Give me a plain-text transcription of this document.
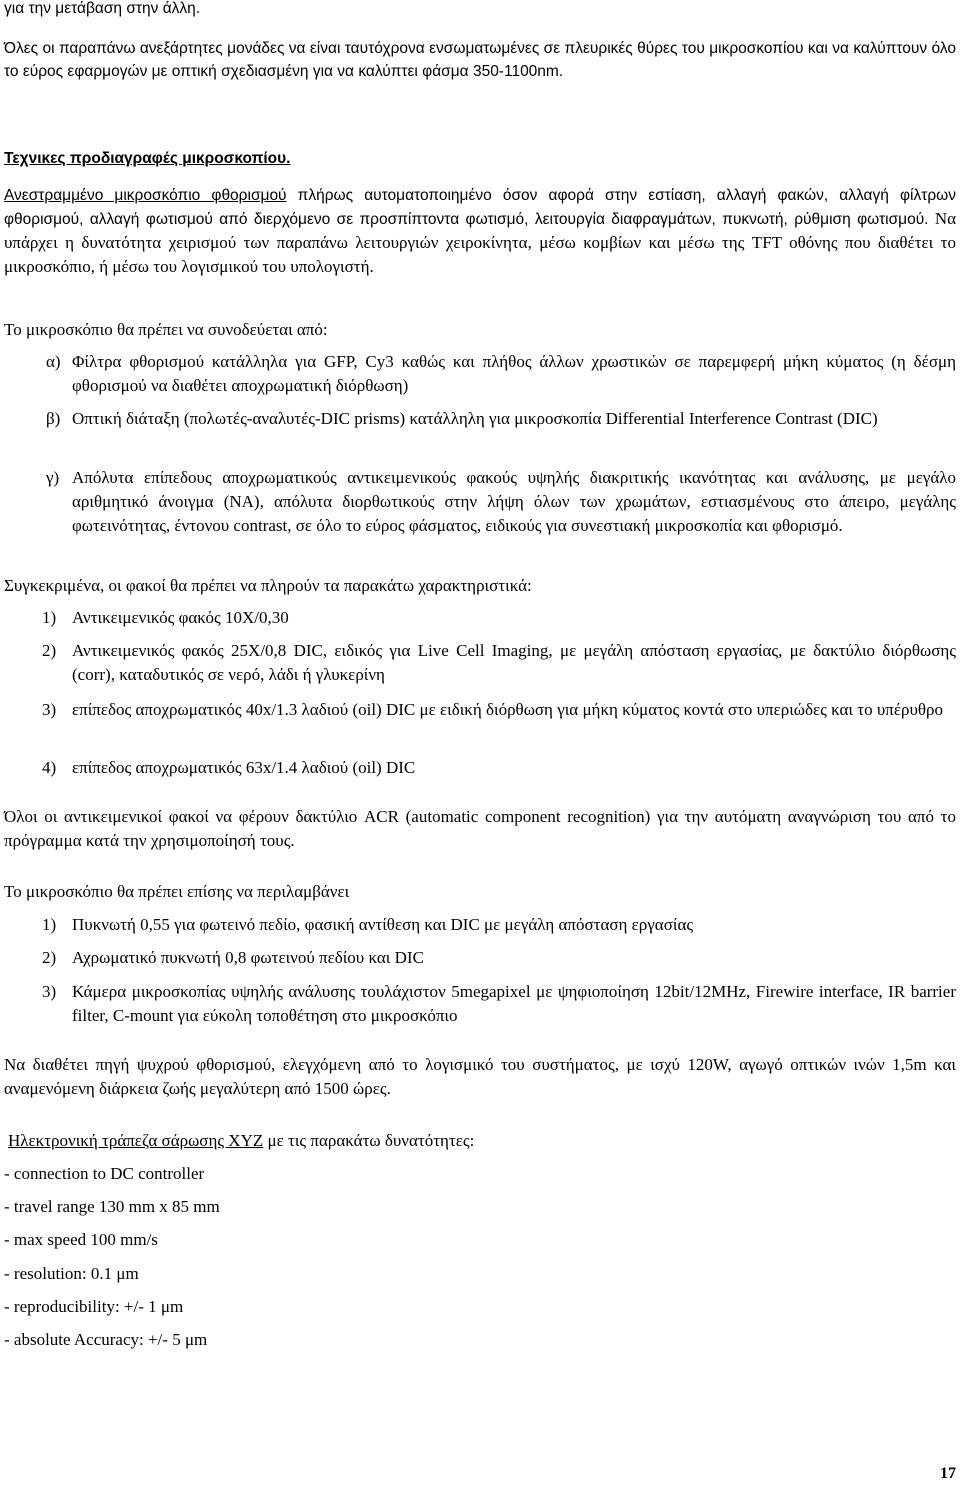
για την μετάβαση στην άλλη.

Όλες οι παραπάνω ανεξάρτητες μονάδες να είναι ταυτόχρονα ενσωματωμένες σε πλευρικές θύρες του μικροσκοπίου και να καλύπτουν όλο το εύρος εφαρμογών με οπτική σχεδιασμένη για να καλύπτει φάσμα 350-1100nm.

Τεχνικες προδιαγραφές μικροσκοπίου.

Ανεστραμμένο μικροσκόπιο φθορισμού πλήρως αυτοματοποιημένο όσον αφορά στην εστίαση, αλλαγή φακών, αλλαγή φίλτρων φθορισμού, αλλαγή φωτισμού από διερχόμενο σε προσπίπτοντα φωτισμό, λειτουργία διαφραγμάτων, πυκνωτή, ρύθμιση φωτισμού. Να υπάρχει η δυνατότητα χειρισμού των παραπάνω λειτουργιών χειροκίνητα, μέσω κομβίων και μέσω της TFT οθόνης που διαθέτει το μικροσκόπιο, ή μέσω του λογισμικού του υπολογιστή.

Το μικροσκόπιο θα πρέπει να συνοδεύεται από:

α) Φίλτρα φθορισμού κατάλληλα για GFP, Cy3 καθώς και πλήθος άλλων χρωστικών σε παρεμφερή μήκη κύματος (η δέσμη φθορισμού να διαθέτει αποχρωματική διόρθωση)
β) Οπτική διάταξη (πολωτές-αναλυτές-DIC prisms) κατάλληλη για μικροσκοπία Differential Interference Contrast (DIC)
γ) Απόλυτα επίπεδους αποχρωματικούς αντικειμενικούς φακούς υψηλής διακριτικής ικανότητας και ανάλυσης, με μεγάλο αριθμητικό άνοιγμα (NA), απόλυτα διορθωτικούς στην λήψη όλων των χρωμάτων, εστιασμένους στο άπειρο, μεγάλης φωτεινότητας, έντονου contrast, σε όλο το εύρος φάσματος, ειδικούς για συνεστιακή μικροσκοπία και φθορισμό.

Συγκεκριμένα, οι φακοί θα πρέπει να πληρούν τα παρακάτω χαρακτηριστικά:

1) Αντικειμενικός φακός 10X/0,30
2) Αντικειμενικός φακός 25X/0,8 DIC, ειδικός για Live Cell Imaging, με μεγάλη απόσταση εργασίας, με δακτύλιο διόρθωσης (corr), καταδυτικός σε νερό, λάδι ή γλυκερίνη
3) επίπεδος αποχρωματικός 40x/1.3 λαδιού (oil) DIC με ειδική διόρθωση για μήκη κύματος κοντά στο υπεριώδες και το υπέρυθρο
4) επίπεδος αποχρωματικός 63x/1.4 λαδιού (oil) DIC

Όλοι οι αντικειμενικοί φακοί να φέρουν δακτύλιο ACR (automatic component recognition) για την αυτόματη αναγνώριση του από το πρόγραμμα κατά την χρησιμοποίησή τους.

Το μικροσκόπιο θα πρέπει επίσης να περιλαμβάνει

1) Πυκνωτή 0,55 για φωτεινό πεδίο, φασική αντίθεση και DIC με μεγάλη απόσταση εργασίας
2) Αχρωματικό πυκνωτή 0,8 φωτεινού πεδίου και DIC
3) Κάμερα μικροσκοπίας υψηλής ανάλυσης τουλάχιστον 5megapixel με ψηφιοποίηση 12bit/12MHz, Firewire interface, IR barrier filter, C-mount για εύκολη τοποθέτηση στο μικροσκόπιο

Να διαθέτει πηγή ψυχρού φθορισμού, ελεγχόμενη από το λογισμικό του συστήματος, με ισχύ 120W, αγωγό οπτικών ινών 1,5m και αναμενόμενη διάρκεια ζωής μεγαλύτερη από 1500 ώρες.

Ηλεκτρονική τράπεζα σάρωσης XYZ με τις παρακάτω δυνατότητες:

- connection to DC controller
- travel range 130 mm x 85 mm
- max speed 100 mm/s
- resolution: 0.1 μm
- reproducibility: +/- 1 μm
- absolute Accuracy: +/- 5 μm
17
